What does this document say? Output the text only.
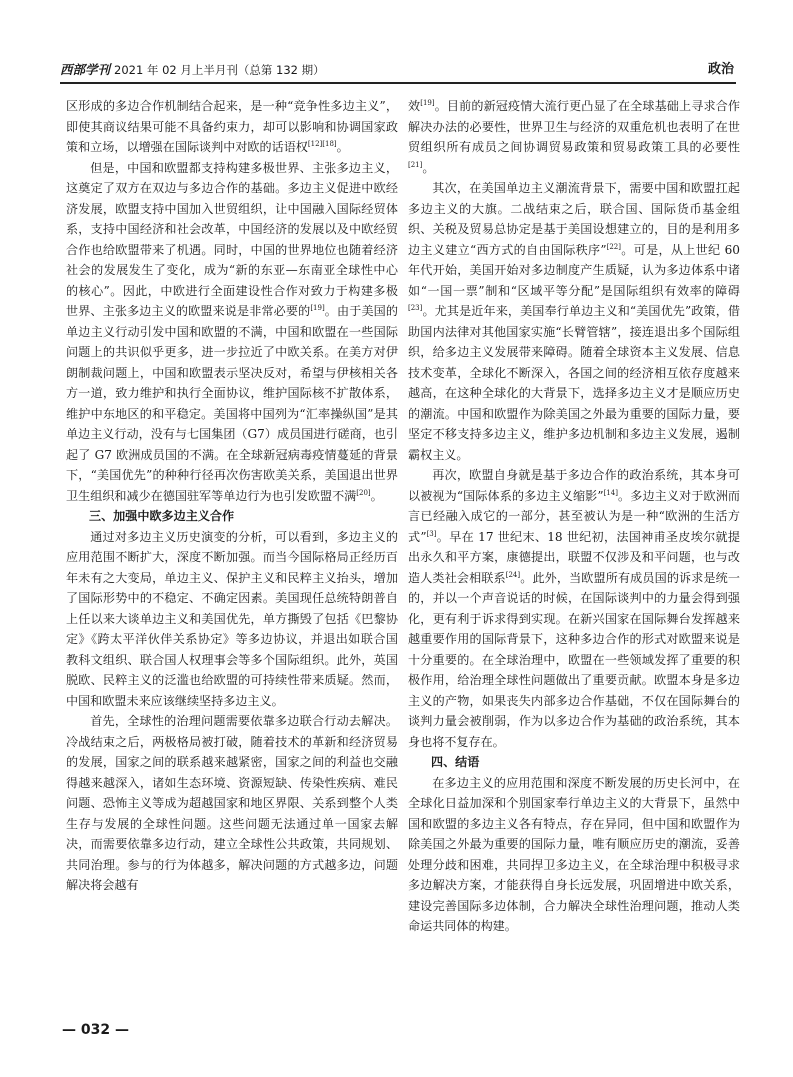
西部学刊 2021 年 02 月上半月刊（总第 132 期）	政治

区形成的多边合作机制结合起来，是一种“竞争性多边主义”，即使其商议结果可能不具备约束力，却可以影响和协调国家政策和立场，以增强在国际谈判中对欧的话语权[12][18]。

但是，中国和欧盟都支持构建多极世界、主张多边主义，这奠定了双方在双边与多边合作的基础。多边主义促进中欧经济发展，欧盟支持中国加入世贸组织，让中国融入国际经贸体系，支持中国经济和社会改革，中国经济的发展以及中欧经贸合作也给欧盟带来了机遇。同时，中国的世界地位也随着经济社会的发展发生了变化，成为“新的东亚—东南亚全球性中心的核心”。因此，中欧进行全面建设性合作对致力于构建多极世界、主张多边主义的欧盟来说是非常必要的[19]。由于美国的单边主义行动引发中国和欧盟的不满，中国和欧盟在一些国际问题上的共识似乎更多，进一步拉近了中欧关系。在美方对伊朗制裁问题上，中国和欧盟表示坚决反对，希望与伊核相关各方一道，致力维护和执行全面协议，维护国际核不扩散体系，维护中东地区的和平稳定。美国将中国列为“汇率操纵国”是其单边主义行动，没有与七国集团（G7）成员国进行磋商，也引起了 G7 欧洲成员国的不满。在全球新冠病毒疫情蔓延的背景下，“美国优先”的种种行径再次伤害欧美关系，美国退出世界卫生组织和减少在德国驻军等单边行为也引发欧盟不满[20]。

三、加强中欧多边主义合作

通过对多边主义历史演变的分析，可以看到，多边主义的应用范围不断扩大，深度不断加强。而当今国际格局正经历百年未有之大变局，单边主义、保护主义和民粹主义抬头，增加了国际形势中的不稳定、不确定因素。美国现任总统特朗普自上任以来大谈单边主义和美国优先，单方撕毁了包括《巴黎协定》《跨太平洋伙伴关系协定》等多边协议，并退出如联合国教科文组织、联合国人权理事会等多个国际组织。此外，英国脱欧、民粹主义的泛滥也给欧盟的可持续性带来质疑。然而，中国和欧盟未来应该继续坚持多边主义。

首先，全球性的治理问题需要依靠多边联合行动去解决。冷战结束之后，两极格局被打破，随着技术的革新和经济贸易的发展，国家之间的联系越来越紧密，国家之间的利益也交融得越来越深入，诸如生态环境、资源短缺、传染性疾病、难民问题、恐怖主义等成为超越国家和地区界限、关系到整个人类生存与发展的全球性问题。这些问题无法通过单一国家去解决，而需要依靠多边行动，建立全球性公共政策，共同规划、共同治理。参与的行为体越多，解决问题的方式越多边，问题解决将会越有

效[19]。目前的新冠疫情大流行更凸显了在全球基础上寻求合作解决办法的必要性，世界卫生与经济的双重危机也表明了在世贸组织所有成员之间协调贸易政策和贸易政策工具的必要性[21]。

其次，在美国单边主义潮流背景下，需要中国和欧盟扛起多边主义的大旗。二战结束之后，联合国、国际货币基金组织、关税及贸易总协定是基于美国设想建立的，目的是利用多边主义建立“西方式的自由国际秩序”[22]。可是，从上世纪 60 年代开始，美国开始对多边制度产生质疑，认为多边体系中诸如“一国一票”制和“区域平等分配”是国际组织有效率的障碍[23]。尤其是近年来，美国奉行单边主义和“美国优先”政策，借助国内法律对其他国家实施“长臂管辖”，接连退出多个国际组织，给多边主义发展带来障碍。随着全球资本主义发展、信息技术变革，全球化不断深入，各国之间的经济相互依存度越来越高，在这种全球化的大背景下，选择多边主义才是顺应历史的潮流。中国和欧盟作为除美国之外最为重要的国际力量，要坚定不移支持多边主义，维护多边机制和多边主义发展，遏制霸权主义。

再次，欧盟自身就是基于多边合作的政治系统，其本身可以被视为“国际体系的多边主义缩影”[14]。多边主义对于欧洲而言已经融入成它的一部分，甚至被认为是一种“欧洲的生活方式”[3]。早在 17 世纪末、18 世纪初，法国神甫圣皮埃尔就提出永久和平方案，康德提出，联盟不仅涉及和平问题，也与改造人类社会相联系[24]。此外，当欧盟所有成员国的诉求是统一的，并以一个声音说话的时候，在国际谈判中的力量会得到强化，更有利于诉求得到实现。在新兴国家在国际舞台发挥越来越重要作用的国际背景下，这种多边合作的形式对欧盟来说是十分重要的。在全球治理中，欧盟在一些领域发挥了重要的积极作用，给治理全球性问题做出了重要贡献。欧盟本身是多边主义的产物，如果丧失内部多边合作基础，不仅在国际舞台的谈判力量会被削弱，作为以多边合作为基础的政治系统，其本身也将不复存在。

四、结语

在多边主义的应用范围和深度不断发展的历史长河中，在全球化日益加深和个别国家奉行单边主义的大背景下，虽然中国和欧盟的多边主义各有特点，存在异同，但中国和欧盟作为除美国之外最为重要的国际力量，唯有顺应历史的潮流，妥善处理分歧和困难，共同捍卫多边主义，在全球治理中积极寻求多边解决方案，才能获得自身长远发展，巩固增进中欧关系，建设完善国际多边体制，合力解决全球性治理问题，推动人类命运共同体的构建。

— 032 —
